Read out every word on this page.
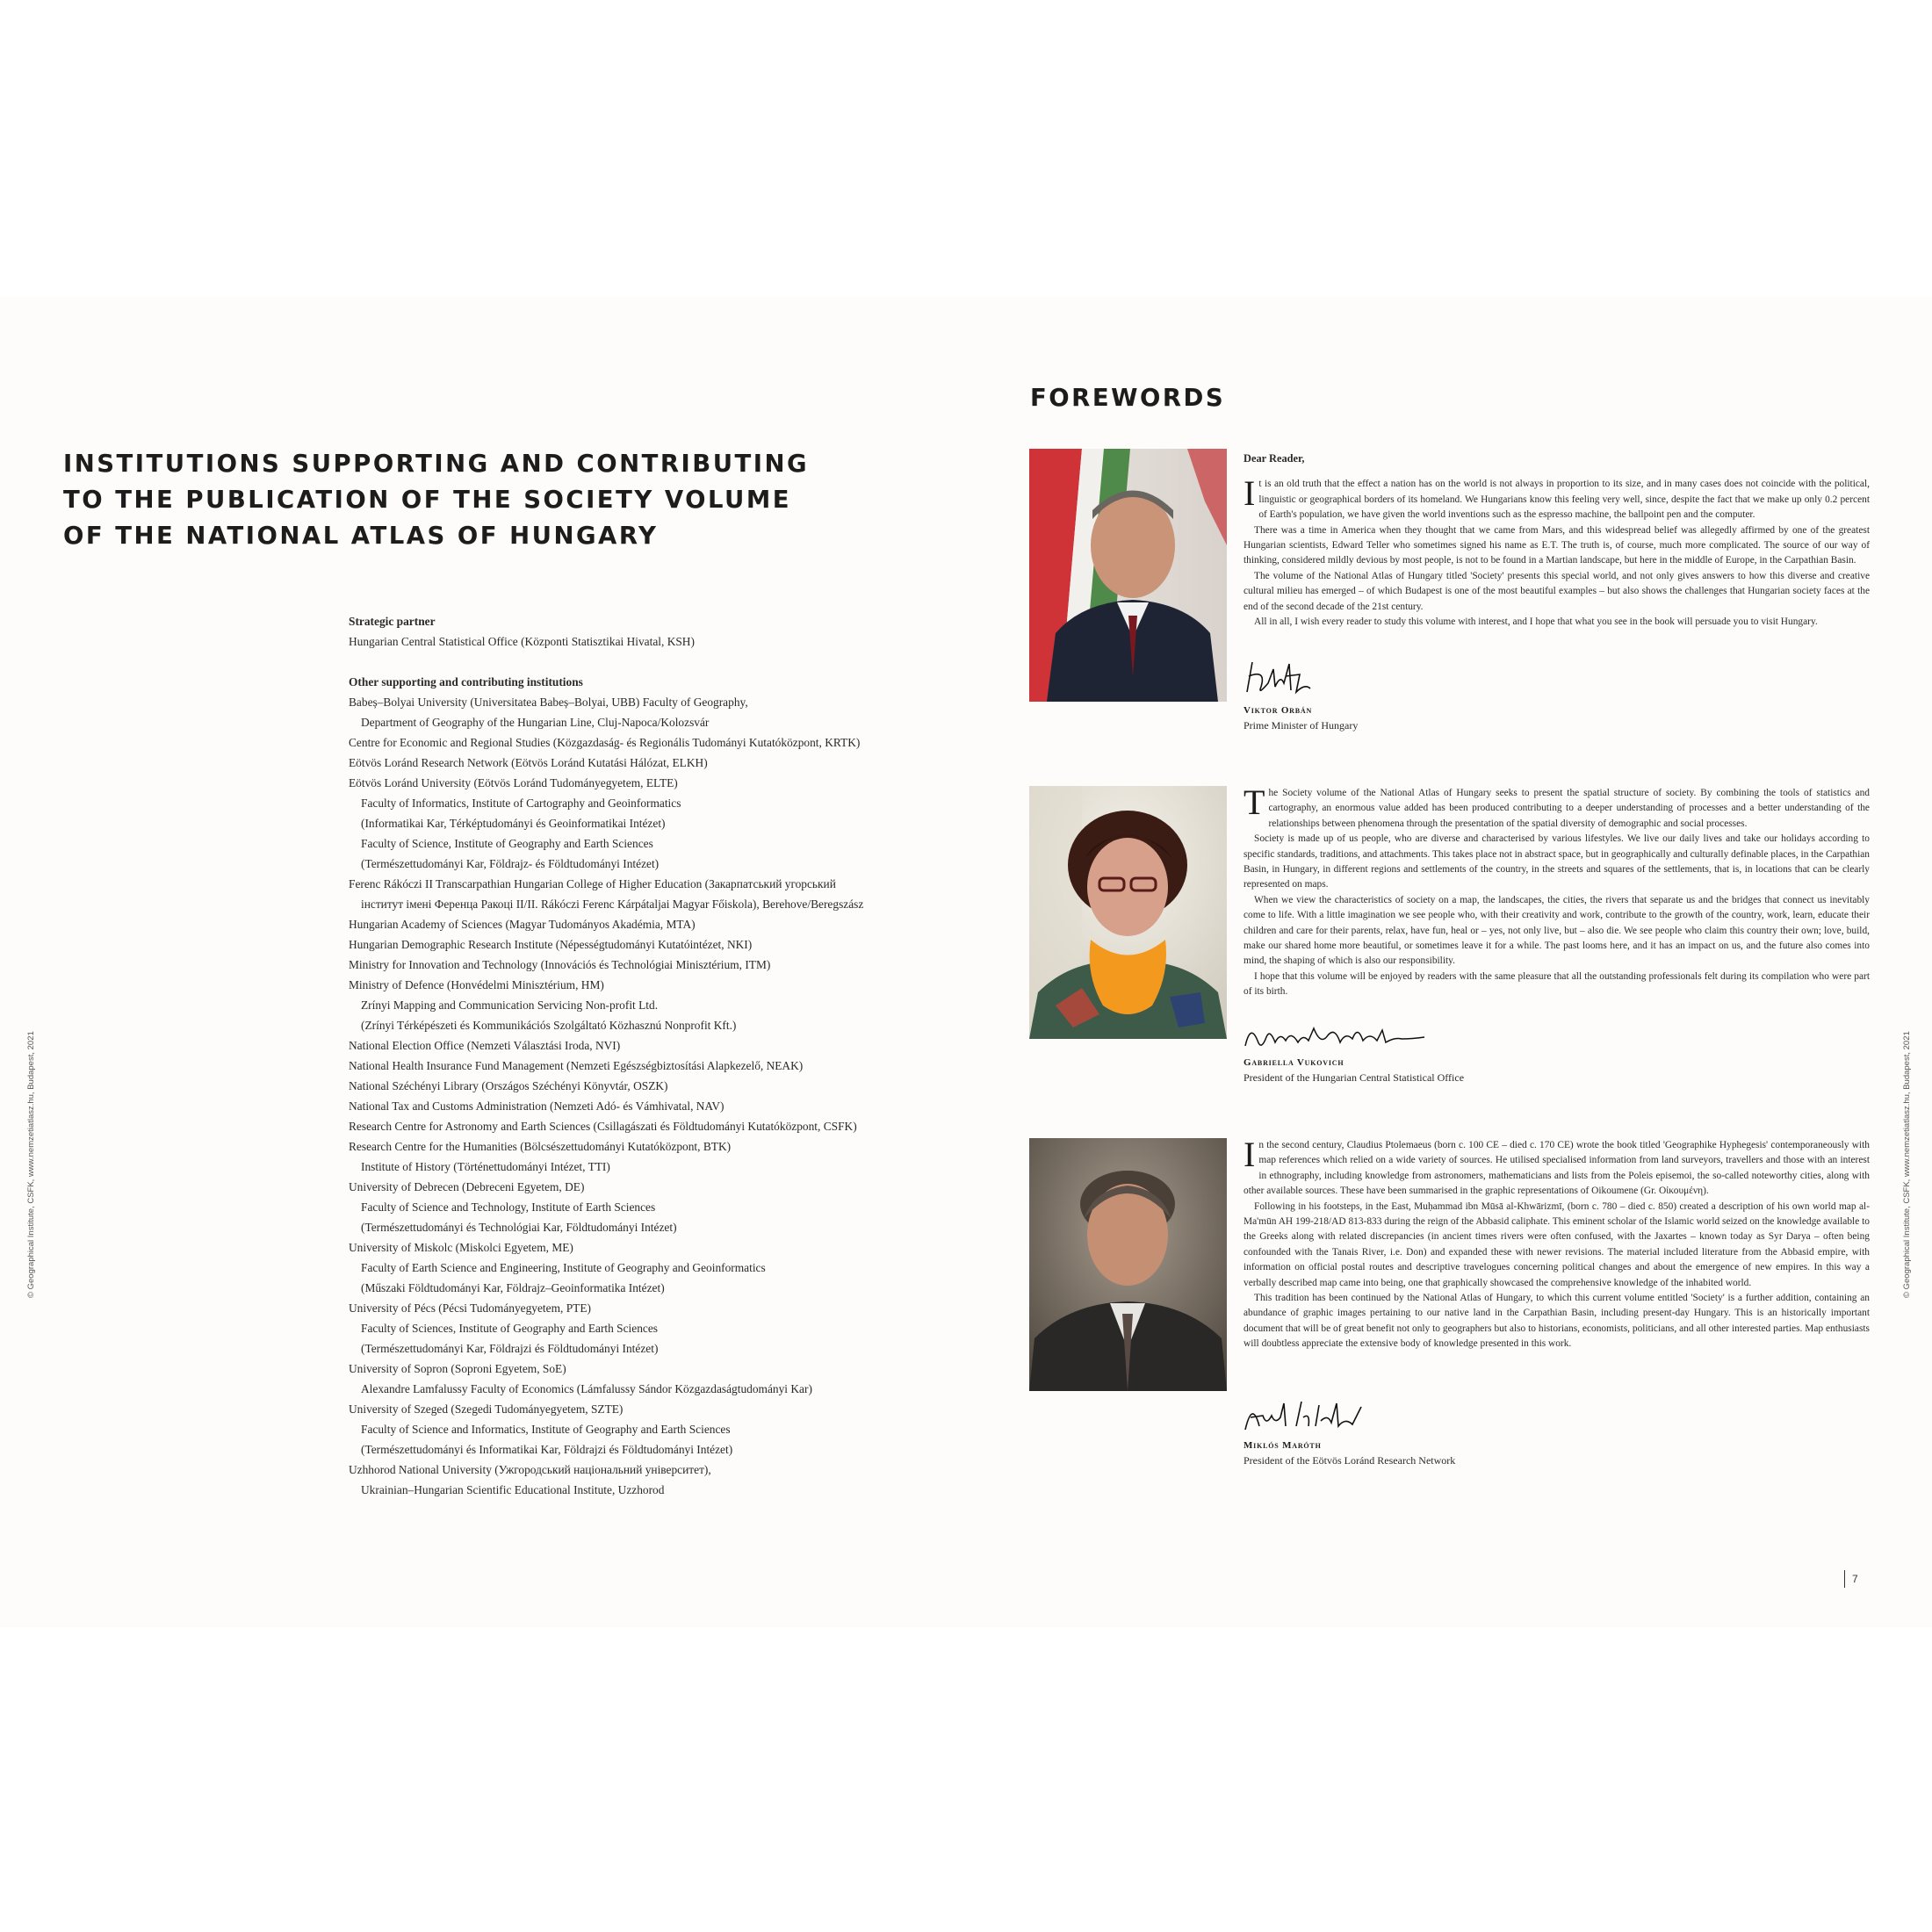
INSTITUTIONS SUPPORTING AND CONTRIBUTING
TO THE PUBLICATION OF THE SOCIETY VOLUME
OF THE NATIONAL ATLAS OF HUNGARY
Strategic partner
Hungarian Central Statistical Office (Központi Statisztikai Hivatal, KSH)
Other supporting and contributing institutions
Babeș–Bolyai University (Universitatea Babeș–Bolyai, UBB) Faculty of Geography,
Department of Geography of the Hungarian Line, Cluj-Napoca/Kolozsvár
Centre for Economic and Regional Studies (Közgazdaság- és Regionális Tudományi Kutatóközpont, KRTK)
Eötvös Loránd Research Network (Eötvös Loránd Kutatási Hálózat, ELKH)
Eötvös Loránd University (Eötvös Loránd Tudományegyetem, ELTE)
Faculty of Informatics, Institute of Cartography and Geoinformatics
(Informatikai Kar, Térképtudományi és Geoinformatikai Intézet)
Faculty of Science, Institute of Geography and Earth Sciences
(Természettudományi Kar, Földrajz- és Földtudományi Intézet)
Ferenc Rákóczi II Transcarpathian Hungarian College of Higher Education (Закарпатський угорський
інститут імені Ференца Ракоці II/II. Rákóczi Ferenc Kárpátaljai Magyar Főiskola), Berehove/Beregszász
Hungarian Academy of Sciences (Magyar Tudományos Akadémia, MTA)
Hungarian Demographic Research Institute (Népességtudományi Kutatóintézet, NKI)
Ministry for Innovation and Technology (Innovációs és Technológiai Minisztérium, ITM)
Ministry of Defence (Honvédelmi Minisztérium, HM)
Zrínyi Mapping and Communication Servicing Non-profit Ltd.
(Zrínyi Térképészeti és Kommunikációs Szolgáltató Közhasznú Nonprofit Kft.)
National Election Office (Nemzeti Választási Iroda, NVI)
National Health Insurance Fund Management (Nemzeti Egészségbiztosítási Alapkezelő, NEAK)
National Széchényi Library (Országos Széchényi Könyvtár, OSZK)
National Tax and Customs Administration (Nemzeti Adó- és Vámhivatal, NAV)
Research Centre for Astronomy and Earth Sciences (Csillagászati és Földtudományi Kutatóközpont, CSFK)
Research Centre for the Humanities (Bölcsészettudományi Kutatóközpont, BTK)
Institute of History (Történettudományi Intézet, TTI)
University of Debrecen (Debreceni Egyetem, DE)
Faculty of Science and Technology, Institute of Earth Sciences
(Természettudományi és Technológiai Kar, Földtudományi Intézet)
University of Miskolc (Miskolci Egyetem, ME)
Faculty of Earth Science and Engineering, Institute of Geography and Geoinformatics
(Műszaki Földtudományi Kar, Földrajz–Geoinformatika Intézet)
University of Pécs (Pécsi Tudományegyetem, PTE)
Faculty of Sciences, Institute of Geography and Earth Sciences
(Természettudományi Kar, Földrajzi és Földtudományi Intézet)
University of Sopron (Soproni Egyetem, SoE)
Alexandre Lamfalussy Faculty of Economics (Lámfalussy Sándor Közgazdaságtudományi Kar)
University of Szeged (Szegedi Tudományegyetem, SZTE)
Faculty of Science and Informatics, Institute of Geography and Earth Sciences
(Természettudományi és Informatikai Kar, Földrajzi és Földtudományi Intézet)
Uzhhorod National University (Ужгородський національний університет),
Ukrainian–Hungarian Scientific Educational Institute, Uzzhorod
© Geographical Institute, CSFK, www.nemzetiatlasz.hu, Budapest, 2021
FOREWORDS

Dear Reader,

It is an old truth that the effect a nation has on the world is not always in proportion to its size, and in many cases does not coincide with the political, linguistic or geographical borders of its homeland. We Hungarians know this feeling very well, since, despite the fact that we make up only 0.2 percent of Earth's population, we have given the world inventions such as the espresso machine, the ballpoint pen and the computer.

There was a time in America when they thought that we came from Mars, and this widespread belief was allegedly affirmed by one of the greatest Hungarian scientists, Edward Teller who sometimes signed his name as E.T. The truth is, of course, much more complicated. The source of our way of thinking, considered mildly devious by most people, is not to be found in a Martian landscape, but here in the middle of Europe, in the Carpathian Basin.

The volume of the National Atlas of Hungary titled 'Society' presents this special world, and not only gives answers to how this diverse and creative cultural milieu has emerged – of which Budapest is one of the most beautiful examples – but also shows the challenges that Hungarian society faces at the end of the second decade of the 21st century.

All in all, I wish every reader to study this volume with interest, and I hope that what you see in the book will persuade you to visit Hungary.

Viktor Orbán
Prime Minister of Hungary

The Society volume of the National Atlas of Hungary seeks to present the spatial structure of society. By combining the tools of statistics and cartography, an enormous value added has been produced contributing to a deeper understanding of processes and a better understanding of the relationships between phenomena through the presentation of the spatial diversity of demographic and social processes.

Society is made up of us people, who are diverse and characterised by various lifestyles. We live our daily lives and take our holidays according to specific standards, traditions, and attachments. This takes place not in abstract space, but in geographically and culturally definable places, in the Carpathian Basin, in Hungary, in different regions and settlements of the country, in the streets and squares of the settlements, that is, in locations that can be clearly represented on maps.

When we view the characteristics of society on a map, the landscapes, the cities, the rivers that separate us and the bridges that connect us inevitably come to life. With a little imagination we see people who, with their creativity and work, contribute to the growth of the country, work, learn, educate their children and care for their parents, relax, have fun, heal or – yes, not only live, but – also die. We see people who claim this country their own; love, build, make our shared home more beautiful, or sometimes leave it for a while. The past looms here, and it has an impact on us, and the future also comes into mind, the shaping of which is also our responsibility.

I hope that this volume will be enjoyed by readers with the same pleasure that all the outstanding professionals felt during its compilation who were part of its birth.

Gabriella Vukovich
President of the Hungarian Central Statistical Office

In the second century, Claudius Ptolemaeus (born c. 100 CE – died c. 170 CE) wrote the book titled 'Geographike Hyphegesis' contemporaneously with map references which relied on a wide variety of sources. He utilised specialised information from land surveyors, travellers and those with an interest in ethnography, including knowledge from astronomers, mathematicians and lists from the Poleis episemoi, the so-called noteworthy cities, along with other available sources. These have been summarised in the graphic representations of Oikoumene (Gr. Οἰκουμένη).

Following in his footsteps, in the East, Muḥammad ibn Mūsā al-Khwārizmī, (born c. 780 – died c. 850) created a description of his own world map al-Ma'mūn AH 199-218/AD 813-833 during the reign of the Abbasid caliphate. This eminent scholar of the Islamic world seized on the knowledge available to the Greeks along with related discrepancies (in ancient times rivers were often confused, with the Jaxartes – known today as Syr Darya – often being confounded with the Tanais River, i.e. Don) and expanded these with newer revisions. The material included literature from the Abbasid empire, with information on official postal routes and descriptive travelogues concerning political changes and about the emergence of new empires. In this way a verbally described map came into being, one that graphically showcased the comprehensive knowledge of the inhabited world.

This tradition has been continued by the National Atlas of Hungary, to which this current volume entitled 'Society' is a further addition, containing an abundance of graphic images pertaining to our native land in the Carpathian Basin, including present-day Hungary. This is an historically important document that will be of great benefit not only to geographers but also to historians, economists, politicians, and all other interested parties. Map enthusiasts will doubtless appreciate the extensive body of knowledge presented in this work.

Miklós Maróth
President of the Eötvös Loránd Research Network
7
© Geographical Institute, CSFK, www.nemzetiatlasz.hu, Budapest, 2021
